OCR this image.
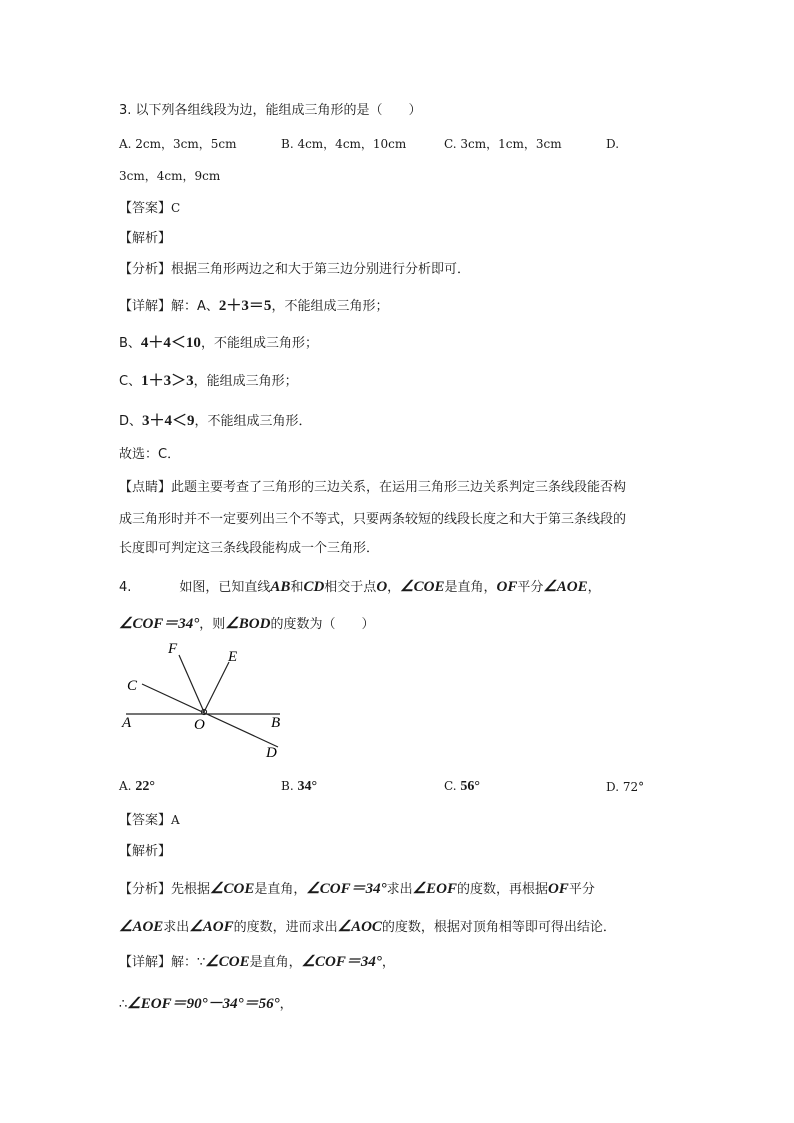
3. 以下列各组线段为边，能组成三角形的是（　　）
A. 2cm，3cm，5cm	B. 4cm，4cm，10cm	C. 3cm，1cm，3cm	D.
3cm，4cm，9cm
【答案】C
【解析】
【分析】根据三角形两边之和大于第三边分别进行分析即可．
【详解】解：A、2＋3＝5，不能组成三角形；
B、4＋4＜10，不能组成三角形；
C、1＋3＞3，能组成三角形；
D、3＋4＜9，不能组成三角形．
故选：C．
【点睛】此题主要考查了三角形的三边关系，在运用三角形三边关系判定三条线段能否构
成三角形时并不一定要列出三个不等式，只要两条较短的线段长度之和大于第三条线段的
长度即可判定这三条线段能构成一个三角形．
4.	如图，已知直线AB和CD相交于点O，∠COE是直角，OF平分∠AOE，
∠COF＝34°，则∠BOD的度数为（　　）
F	E
C
A	O	B
D
A. 22°	B. 34°	C. 56°	D. 72°
【答案】A
【解析】
【分析】先根据∠COE是直角，∠COF＝34°求出∠EOF的度数，再根据OF平分
∠AOE求出∠AOF的度数，进而求出∠AOC的度数，根据对顶角相等即可得出结论．
【详解】解：∵∠COE是直角，∠COF＝34°，
∴∠EOF＝90°－34°＝56°，
